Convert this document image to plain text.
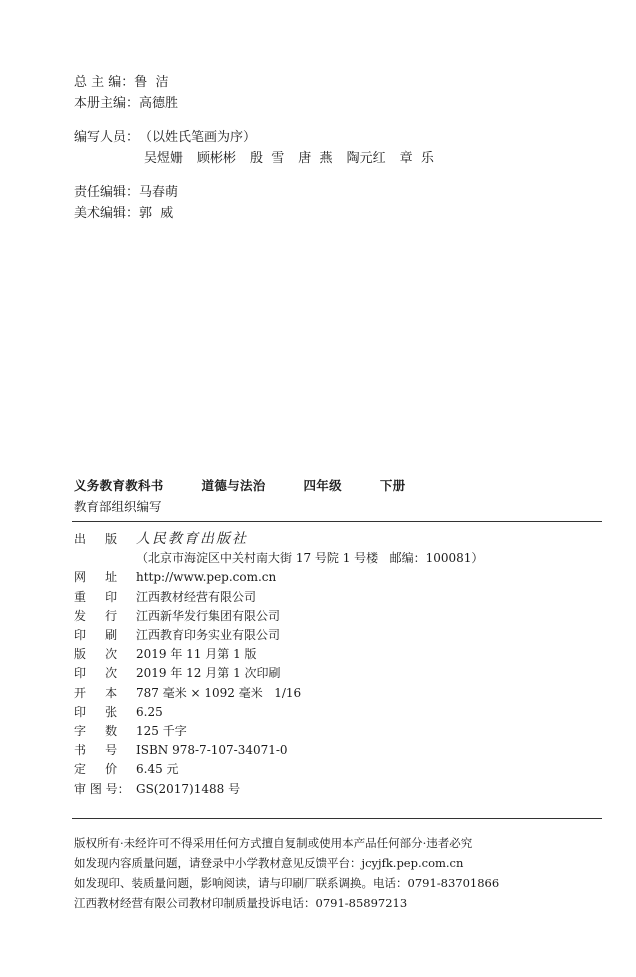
总 主 编： 鲁  洁
本册主编： 高德胜
编写人员： （以姓氏笔画为序）
吴煜姗 顾彬彬 殷  雪 唐  燕 陶元红 章  乐
责任编辑： 马春萌
美术编辑： 郭  威
义务教育教科书   道德与法治   四年级   下册
教育部组织编写
出     版	人民教育出版社
（北京市海淀区中关村南大街 17 号院 1 号楼   邮编：100081）
网     址	http://www.pep.com.cn
重     印	江西教材经营有限公司
发     行	江西新华发行集团有限公司
印     刷	江西教育印务实业有限公司
版     次	2019 年 11 月第 1 版
印     次	2019 年 12 月第 1 次印刷
开     本	787 毫米 × 1092 毫米   1/16
印     张	6.25
字     数	125 千字
书     号	ISBN 978-7-107-34071-0
定     价	6.45 元
审 图 号： GS(2017)1488 号
版权所有·未经许可不得采用任何方式擅自复制或使用本产品任何部分·违者必究
如发现内容质量问题，请登录中小学教材意见反馈平台：jcyjfk.pep.com.cn
如发现印、装质量问题，影响阅读，请与印刷厂联系调换。电话：0791-83701866
江西教材经营有限公司教材印制质量投诉电话：0791-85897213
